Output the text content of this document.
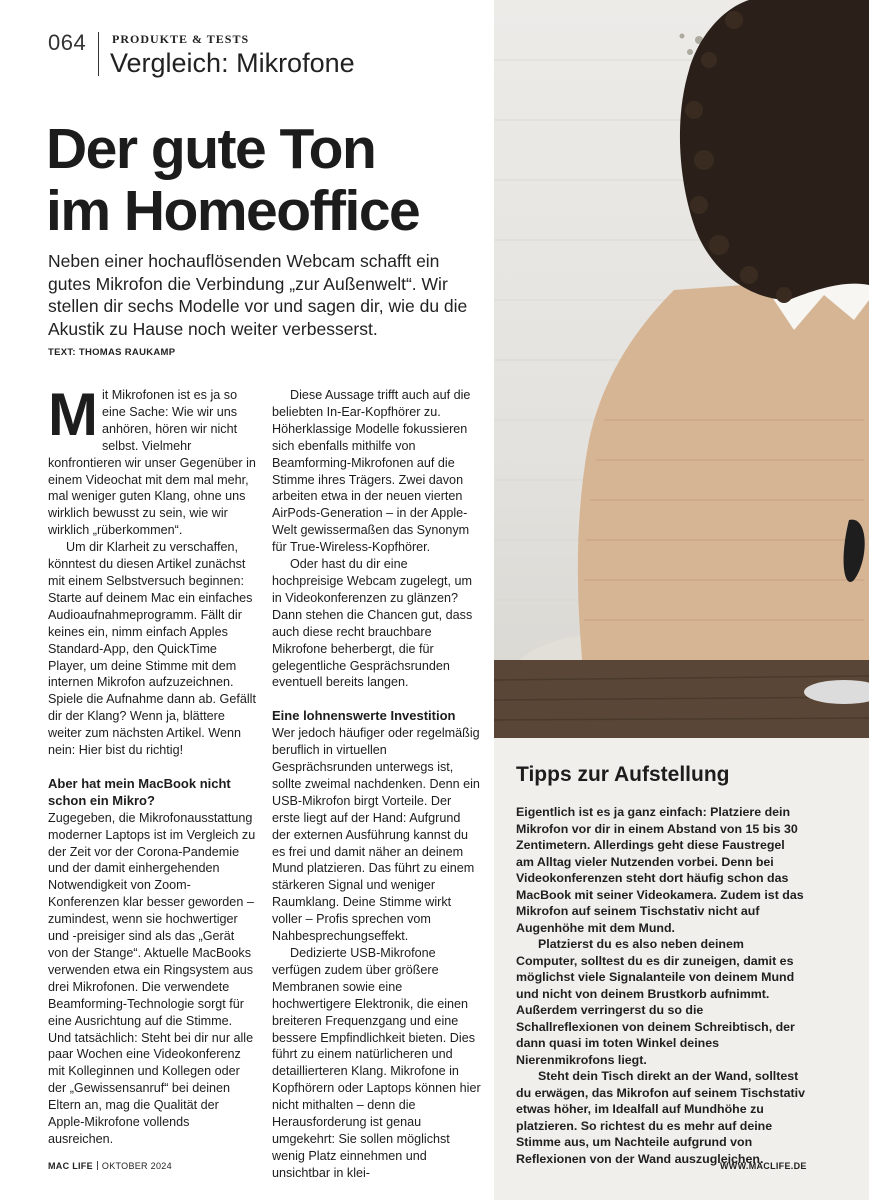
064 PRODUKTE & TESTS
Vergleich: Mikrofone
Der gute Ton
im Homeoffice

Neben einer hochauflösenden Webcam schafft ein gutes Mikrofon die Verbindung „zur Außenwelt“. Wir stellen dir sechs Modelle vor und sagen dir, wie du die Akustik zu Hause noch weiter verbesserst.

TEXT: THOMAS RAUKAMP

Mit Mikrofonen ist es ja so eine Sache: Wie wir uns anhören, hören wir nicht selbst. Vielmehr konfrontieren wir unser Gegenüber in einem Videochat mit dem mal mehr, mal weniger guten Klang, ohne uns wirklich bewusst zu sein, wie wir wirklich „rüberkommen“.

Um dir Klarheit zu verschaffen, könntest du diesen Artikel zunächst mit einem Selbstversuch beginnen: Starte auf deinem Mac ein einfaches Audioaufnahmeprogramm. Fällt dir keines ein, nimm einfach Apples Standard-App, den QuickTime Player, um deine Stimme mit dem internen Mikrofon aufzuzeichnen. Spiele die Aufnahme dann ab. Gefällt dir der Klang? Wenn ja, blättere weiter zum nächsten Artikel. Wenn nein: Hier bist du richtig!

Aber hat mein MacBook nicht schon ein Mikro?

Zugegeben, die Mikrofonausstattung moderner Laptops ist im Vergleich zu der Zeit vor der Corona-Pandemie und der damit einhergehenden Notwendigkeit von Zoom-Konferenzen klar besser geworden – zumindest, wenn sie hochwertiger und -preisiger sind als das „Gerät von der Stange“. Aktuelle MacBooks verwenden etwa ein Ringsystem aus drei Mikrofonen. Die verwendete Beamforming-Technologie sorgt für eine Ausrichtung auf die Stimme. Und tatsächlich: Steht bei dir nur alle paar Wochen eine Videokonferenz mit Kolleginnen und Kollegen oder der „Gewissensanruf“ bei deinen Eltern an, mag die Qualität der Apple-Mikrofone vollends ausreichen.

Diese Aussage trifft auch auf die beliebten In-Ear-Kopfhörer zu. Höherklassige Modelle fokussieren sich ebenfalls mithilfe von Beamforming-Mikrofonen auf die Stimme ihres Trägers. Zwei davon arbeiten etwa in der neuen vierten AirPods-Generation – in der Apple-Welt gewissermaßen das Synonym für True-Wireless-Kopfhörer.

Oder hast du dir eine hochpreisige Webcam zugelegt, um in Videokonferenzen zu glänzen? Dann stehen die Chancen gut, dass auch diese recht brauchbare Mikrofone beherbergt, die für gelegentliche Gesprächsrunden eventuell bereits langen.

Eine lohnenswerte Investition

Wer jedoch häufiger oder regelmäßig beruflich in virtuellen Gesprächsrunden unterwegs ist, sollte zweimal nachdenken. Denn ein USB-Mikrofon birgt Vorteile. Der erste liegt auf der Hand: Aufgrund der externen Ausführung kannst du es frei und damit näher an deinem Mund platzieren. Das führt zu einem stärkeren Signal und weniger Raumklang. Deine Stimme wirkt voller – Profis sprechen vom Nahbesprechungseffekt.

Dedizierte USB-Mikrofone verfügen zudem über größere Membranen sowie eine hochwertigere Elektronik, die einen breiteren Frequenzgang und eine bessere Empfindlichkeit bieten. Dies führt zu einem natürlicheren und detaillierteren Klang. Mikrofone in Kopfhörern oder Laptops können hier nicht mithalten – denn die Herausforderung ist genau umgekehrt: Sie sollen möglichst wenig Platz einnehmen und unsichtbar in klei-

Tipps zur Aufstellung

Eigentlich ist es ja ganz einfach: Platziere dein Mikrofon vor dir in einem Abstand von 15 bis 30 Zentimetern. Allerdings geht diese Faustregel am Alltag vieler Nutzenden vorbei. Denn bei Videokonferenzen steht dort häufig schon das MacBook mit seiner Videokamera. Zudem ist das Mikrofon auf seinem Tischstativ nicht auf Augenhöhe mit dem Mund.

Platzierst du es also neben deinem Computer, solltest du es dir zuneigen, damit es möglichst viele Signalanteile von deinem Mund und nicht von deinem Brustkorb aufnimmt. Außerdem verringerst du so die Schallreflexionen von deinem Schreibtisch, der dann quasi im toten Winkel deines Nierenmikrofons liegt.

Steht dein Tisch direkt an der Wand, solltest du erwägen, das Mikrofon auf seinem Tischstativ etwas höher, im Idealfall auf Mundhöhe zu platzieren. So richtest du es mehr auf deine Stimme aus, um Nachteile aufgrund von Reflexionen von der Wand auszugleichen.

MAC LIFE OKTOBER 2024	WWW.MACLIFE.DE
